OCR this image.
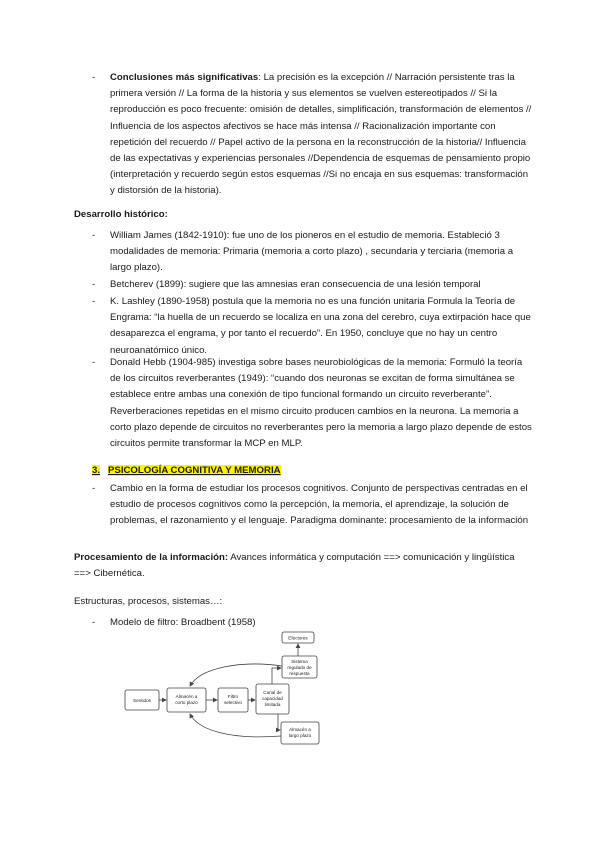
- Conclusiones más significativas: La precisión es la excepción // Narración persistente tras la primera versión // La forma de la historia y sus elementos se vuelven estereotipados // Si la reproducción es poco frecuente: omisión de detalles, simplificación, transformación de elementos // Influencia de los aspectos afectivos se hace más intensa // Racionalización importante con repetición del recuerdo // Papel activo de la persona en la reconstrucción de la historia// Influencia de las expectativas y experiencias personales //Dependencia de esquemas de pensamiento propio (interpretación y recuerdo según estos esquemas //Si no encaja en sus esquemas: transformación y distorsión de la historia).
Desarrollo histórico:
- William James (1842-1910): fue uno de los pioneros en el estudio de memoria. Estableció 3 modalidades de memoria: Primaria (memoria a corto plazo) , secundaria y terciaria (memoria a largo plazo).
- Betcherev (1899): sugiere que las amnesias eran consecuencia de una lesión temporal
- K. Lashley (1890-1958) postula que la memoria no es una función unitaria Formula la Teoría de Engrama: “la huella de un recuerdo se localiza en una zona del cerebro, cuya extirpación hace que desaparezca el engrama, y por tanto el recuerdo”. En 1950, concluye que no hay un centro neuroanatómico único.
- Donald Hebb (1904-985) investiga sobre bases neurobiológicas de la memoria: Formuló la teoría de los circuitos reverberantes (1949): “cuando dos neuronas se excitan de forma simultánea se establece entre ambas una conexión de tipo funcional formando un circuito reverberante”. Reverberaciones repetidas en el mismo circuito producen cambios en la neurona. La memoria a corto plazo depende de circuitos no reverberantes pero la memoria a largo plazo depende de estos circuitos permite transformar la MCP en MLP.
3. PSICOLOGÍA COGNITIVA Y MEMORIA
- Cambio en la forma de estudiar los procesos cognitivos. Conjunto de perspectivas centradas en el estudio de procesos cognitivos como la percepción, la memoria, el aprendizaje, la solución de problemas, el razonamiento y el lenguaje. Paradigma dominante: procesamiento de la información
Procesamiento de la información: Avances informática y computación ==> comunicación y lingüística ==> Cibernética.
Estructuras, procesos, sistemas…:
- Modelo de filtro: Broadbent (1958)
Sentidos
Almacén a
corto plazo
Filtro
selectivo
Canal de
capacidad
limitada
Efectores
Sistema
regulado de
respuesta
Almacén a
largo plazo
